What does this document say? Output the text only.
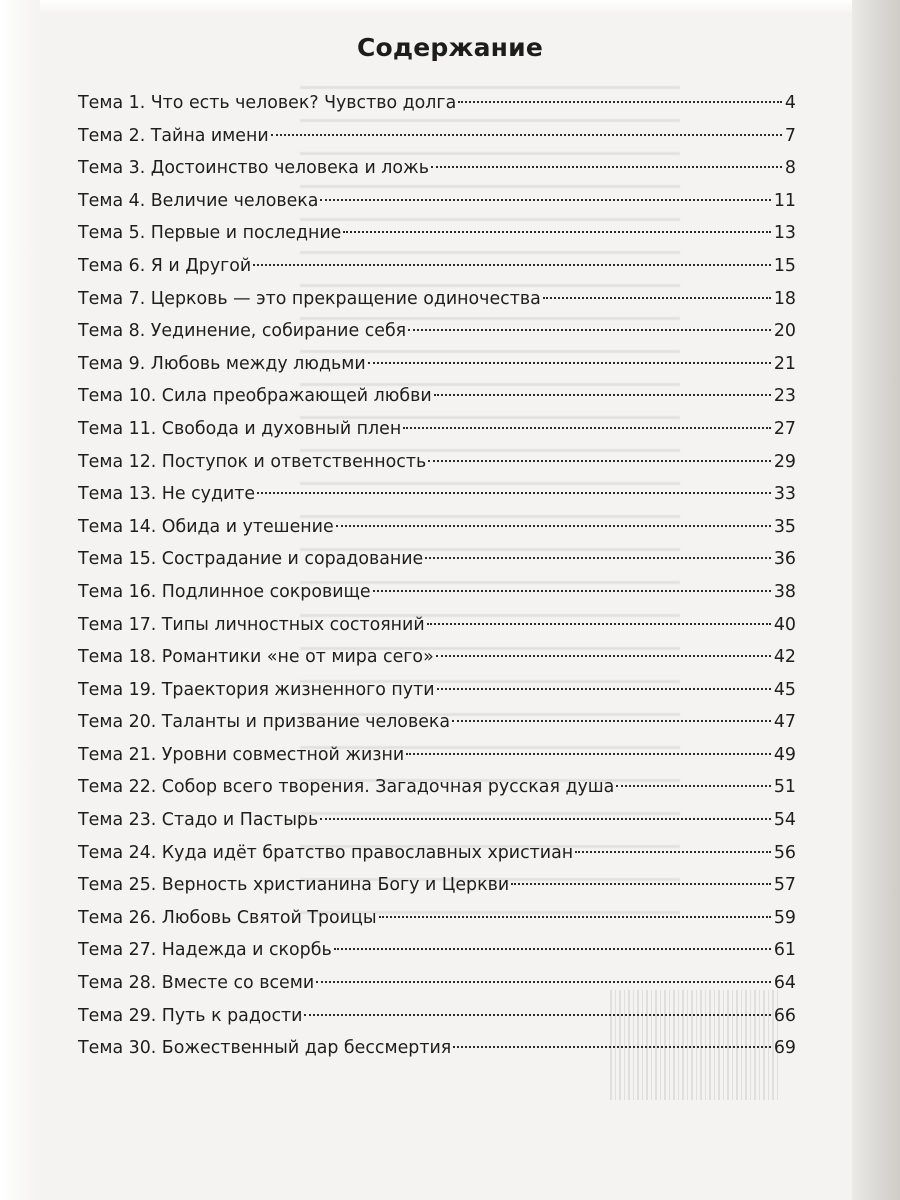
Содержание
Тема 1. Что есть человек? Чувство долга	4
Тема 2. Тайна имени	7
Тема 3. Достоинство человека и ложь	8
Тема 4. Величие человека	11
Тема 5. Первые и последние	13
Тема 6. Я и Другой	15
Тема 7. Церковь — это прекращение одиночества	18
Тема 8. Уединение, собирание себя	20
Тема 9. Любовь между людьми	21
Тема 10. Сила преображающей любви	23
Тема 11. Свобода и духовный плен	27
Тема 12. Поступок и ответственность	29
Тема 13. Не судите	33
Тема 14. Обида и утешение	35
Тема 15. Сострадание и сорадование	36
Тема 16. Подлинное сокровище	38
Тема 17. Типы личностных состояний	40
Тема 18. Романтики «не от мира сего»	42
Тема 19. Траектория жизненного пути	45
Тема 20. Таланты и призвание человека	47
Тема 21. Уровни совместной жизни	49
Тема 22. Собор всего творения. Загадочная русская душа	51
Тема 23. Стадо и Пастырь	54
Тема 24. Куда идёт братство православных христиан	56
Тема 25. Верность христианина Богу и Церкви	57
Тема 26. Любовь Святой Троицы	59
Тема 27. Надежда и скорбь	61
Тема 28. Вместе со всеми	64
Тема 29. Путь к радости	66
Тема 30. Божественный дар бессмертия	69
